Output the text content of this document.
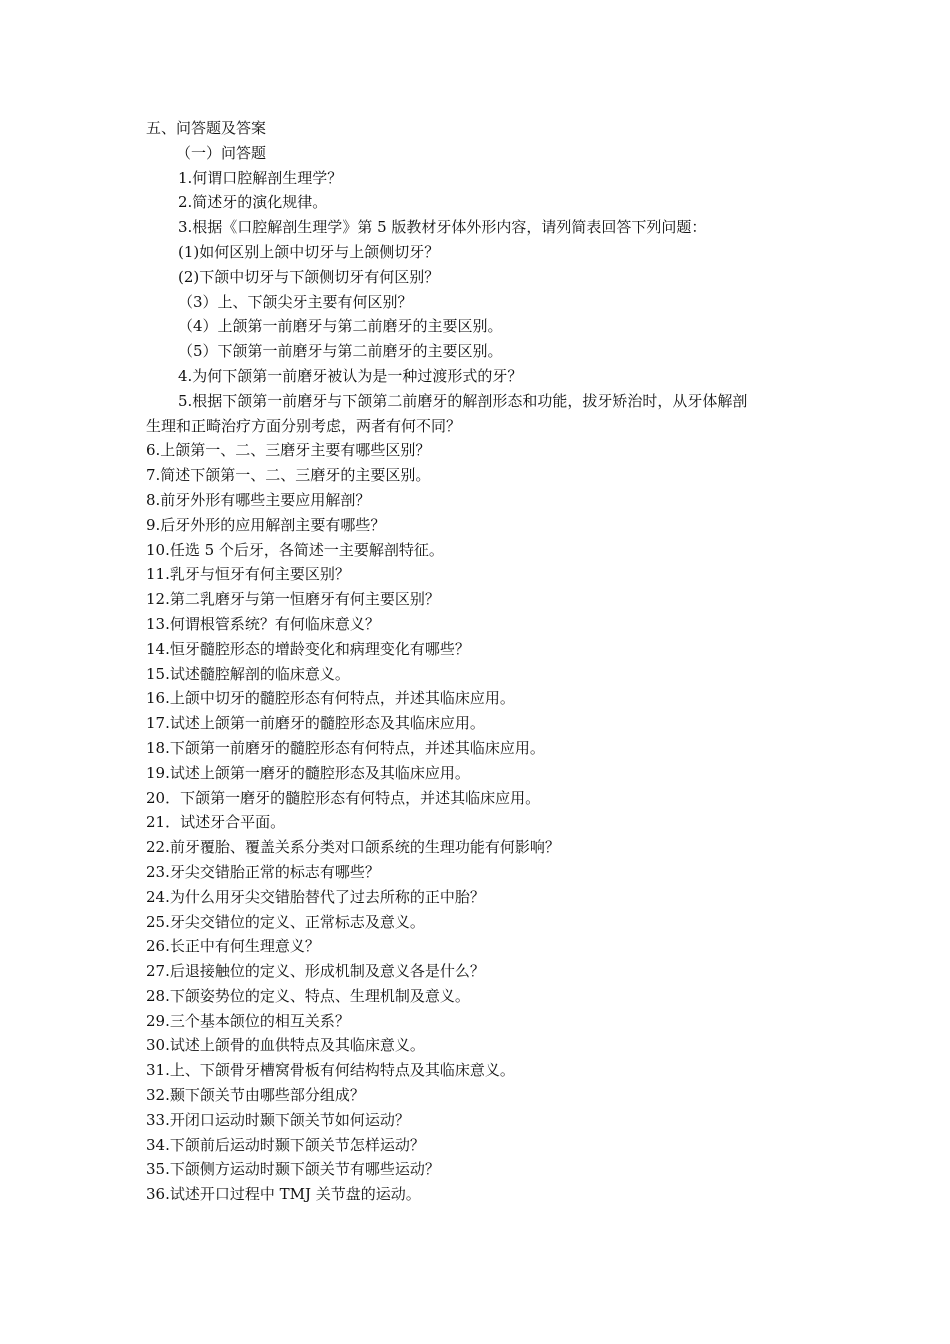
五、问答题及答案
（一）问答题
1.何谓口腔解剖生理学？
2.简述牙的演化规律。
3.根据《口腔解剖生理学》第 5 版教材牙体外形内容，请列简表回答下列问题：
(1)如何区别上颌中切牙与上颌侧切牙？
(2)下颌中切牙与下颌侧切牙有何区别？
（3）上、下颌尖牙主要有何区别？
（4）上颌第一前磨牙与第二前磨牙的主要区别。
（5）下颌第一前磨牙与第二前磨牙的主要区别。
4.为何下颌第一前磨牙被认为是一种过渡形式的牙？
5.根据下颌第一前磨牙与下颌第二前磨牙的解剖形态和功能，拔牙矫治时，从牙体解剖
生理和正畸治疗方面分别考虑，两者有何不同？
6.上颌第一、二、三磨牙主要有哪些区别？
7.简述下颌第一、二、三磨牙的主要区别。
8.前牙外形有哪些主要应用解剖？
9.后牙外形的应用解剖主要有哪些？
10.任选 5 个后牙，各简述一主要解剖特征。
11.乳牙与恒牙有何主要区别？
12.第二乳磨牙与第一恒磨牙有何主要区别？
13.何谓根管系统？有何临床意义？
14.恒牙髓腔形态的增龄变化和病理变化有哪些？
15.试述髓腔解剖的临床意义。
16.上颌中切牙的髓腔形态有何特点，并述其临床应用。
17.试述上颌第一前磨牙的髓腔形态及其临床应用。
18.下颌第一前磨牙的髓腔形态有何特点，并述其临床应用。
19.试述上颌第一磨牙的髓腔形态及其临床应用。
20．下颌第一磨牙的髓腔形态有何特点，并述其临床应用。
21．试述牙合平面。
22.前牙覆胎、覆盖关系分类对口颌系统的生理功能有何影响？
23.牙尖交错胎正常的标志有哪些？
24.为什么用牙尖交错胎替代了过去所称的正中胎？
25.牙尖交错位的定义、正常标志及意义。
26.长正中有何生理意义？
27.后退接触位的定义、形成机制及意义各是什么？
28.下颌姿势位的定义、特点、生理机制及意义。
29.三个基本颌位的相互关系？
30.试述上颌骨的血供特点及其临床意义。
31.上、下颌骨牙槽窝骨板有何结构特点及其临床意义。
32.颞下颌关节由哪些部分组成？
33.开闭口运动时颞下颌关节如何运动？
34.下颌前后运动时颞下颌关节怎样运动？
35.下颌侧方运动时颞下颌关节有哪些运动？
36.试述开口过程中 TMJ 关节盘的运动。
